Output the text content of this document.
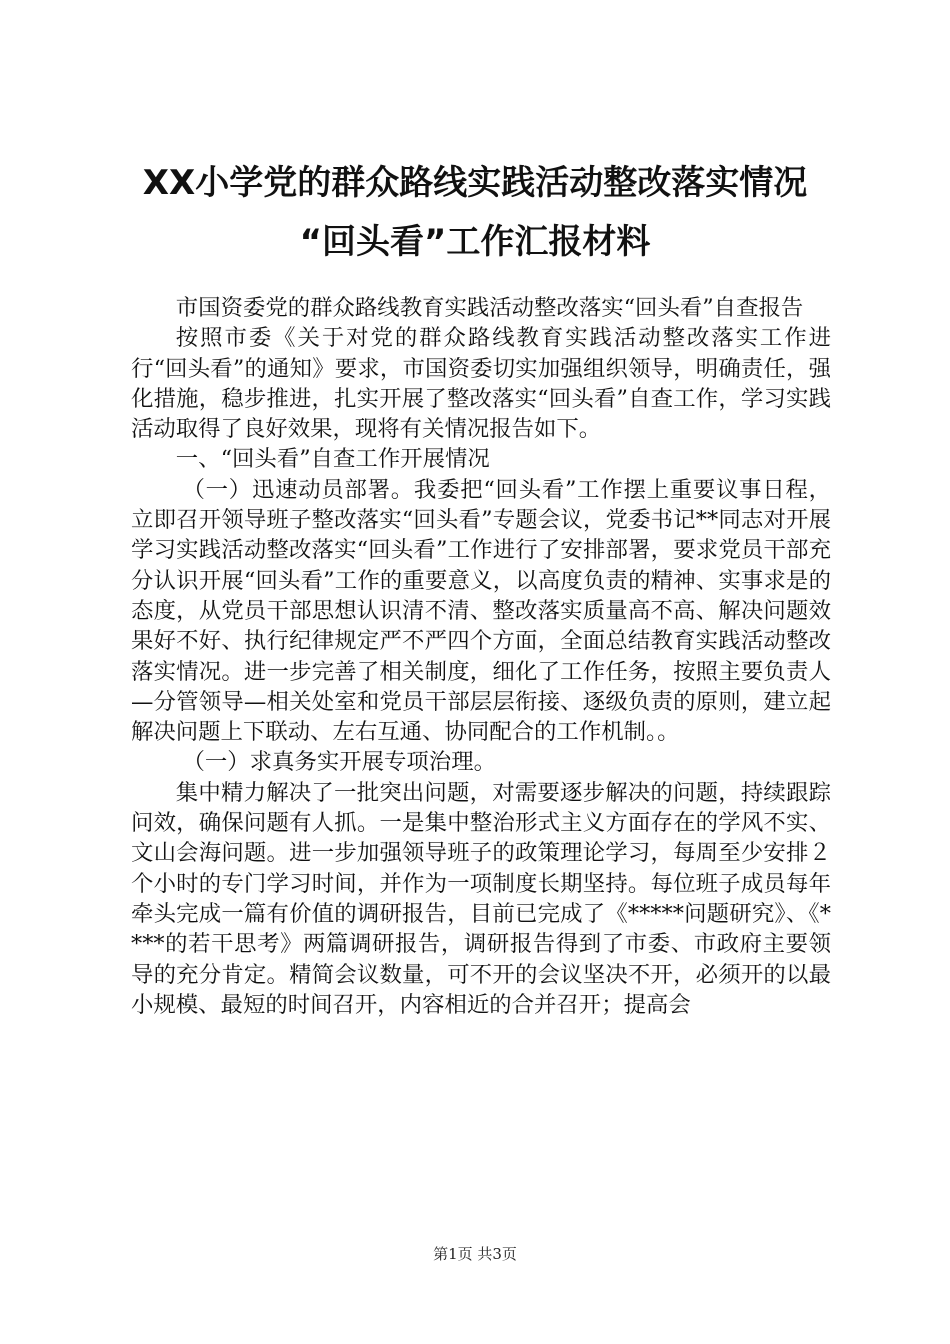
XX小学党的群众路线实践活动整改落实情况
“回头看”工作汇报材料

市国资委党的群众路线教育实践活动整改落实“回头看”自查报告

按照市委《关于对党的群众路线教育实践活动整改落实工作进行“回头看”的通知》要求，市国资委切实加强组织领导，明确责任，强化措施，稳步推进，扎实开展了整改落实“回头看”自查工作，学习实践活动取得了良好效果，现将有关情况报告如下。

一、“回头看”自查工作开展情况

（一）迅速动员部署。我委把“回头看”工作摆上重要议事日程，立即召开领导班子整改落实“回头看”专题会议，党委书记**同志对开展学习实践活动整改落实“回头看”工作进行了安排部署，要求党员干部充分认识开展“回头看”工作的重要意义，以高度负责的精神、实事求是的态度，从党员干部思想认识清不清、整改落实质量高不高、解决问题效果好不好、执行纪律规定严不严四个方面，全面总结教育实践活动整改落实情况。进一步完善了相关制度，细化了工作任务，按照主要负责人—分管领导—相关处室和党员干部层层衔接、逐级负责的原则，建立起解决问题上下联动、左右互通、协同配合的工作机制。。

（一）求真务实开展专项治理。

集中精力解决了一批突出问题，对需要逐步解决的问题，持续跟踪问效，确保问题有人抓。一是集中整治形式主义方面存在的学风不实、文山会海问题。进一步加强领导班子的政策理论学习，每周至少安排２个小时的专门学习时间，并作为一项制度长期坚持。每位班子成员每年牵头完成一篇有价值的调研报告，目前已完成了《*****问题研究》、《****的若干思考》两篇调研报告，调研报告得到了市委、市政府主要领导的充分肯定。精简会议数量，可不开的会议坚决不开，必须开的以最小规模、最短的时间召开，内容相近的合并召开；提高会

第1页 共3页
